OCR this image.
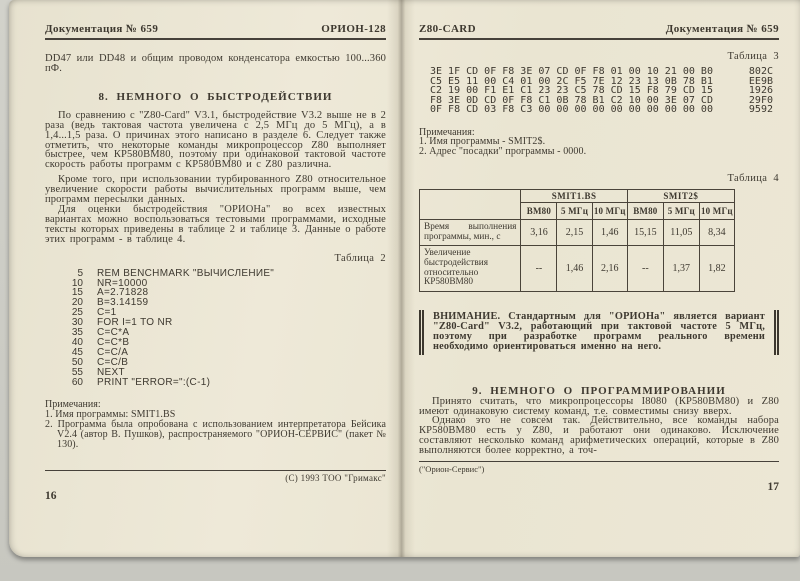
Документация № 659	ОРИОН-128

DD47 или DD48 и общим проводом конденсатора емкостью 100...360 пФ.

8. НЕМНОГО О БЫСТРОДЕЙСТВИИ

По сравнению с "Z80-Card" V3.1, быстродействие V3.2 выше не в 2 раза (ведь тактовая частота увеличена с 2,5 МГц до 5 МГц), а в 1,4...1,5 раза. О причинах этого написано в разделе 6. Следует также отметить, что некоторые команды микропроцессор Z80 выполняет быстрее, чем КР580ВМ80, поэтому при одинаковой тактовой частоте скорость работы программ с КР580ВМ80 и с Z80 различна.

Кроме того, при использовании турбированного Z80 относительное увеличение скорости работы вычислительных программ выше, чем программ пересылки данных.

Для оценки быстродействия "ОРИОНа" во всех известных вариантах можно воспользоваться тестовыми программами, исходные тексты которых приведены в таблице 2 и таблице 3. Данные о работе этих программ - в таблице 4.

Таблица 2
5 REM BENCHMARK "ВЫЧИСЛЕНИЕ"
10 NR=10000
15 A=2.71828
20 B=3.14159
25 C=1
30 FOR I=1 TO NR
35 C=C*A
40 C=C*B
45 C=C/A
50 C=C/B
55 NEXT
60 PRINT "ERROR=":(C-1)

Примечания:

1. Имя программы: SMIT1.BS
2. Программа была опробована с использованием интерпретатора Бейсика V2.4 (автор В. Пушков), распространяемого "ОРИОН-СЕРВИС" (пакет № 130).
(С) 1993 ТОО "Гримакс"
16
Z80-CARD	Документация № 659
Таблица 3
3E 1F CD 0F F8 3E 07 CD 0F F8 01 00 10 21 00 B0	802C
C5 E5 11 00 C4 01 00 2C F5 7E 12 23 13 0B 78 B1	EE9B
C2 19 00 F1 E1 C1 23 23 C5 78 CD 15 F8 79 CD 15	1926
F8 3E 0D CD 0F F8 C1 0B 78 B1 C2 10 00 3E 07 CD	29F0
0F F8 CD 03 F8 C3 00 00 00 00 00 00 00 00 00 00	9592

Примечания:

1. Имя программы - SMIT2$.
2. Адрес "посадки" программы - 0000.
Таблица 4
	SMIT1.BS			SMIT2$		
	ВМ80	5 МГц	10 МГц	ВМ80	5 МГц	10 МГц
Время выполнения программы, мин., с	3,16	2,15	1,46	15,15	11,05	8,34
Увеличение быстродействия относительно КР580ВМ80	--	1,46	2,16	--	1,37	1,82

ВНИМАНИЕ. Стандартным для "ОРИОНа" является вариант "Z80-Card" V3.2, работающий при тактовой частоте 5 МГц, поэтому при разработке программ реального времени необходимо ориентироваться именно на него.

9. НЕМНОГО О ПРОГРАММИРОВАНИИ

Принято считать, что микропроцессоры I8080 (КР580ВМ80) и Z80 имеют одинаковую систему команд, т.е. совместимы снизу вверх.

Однако это не совсем так. Действительно, все команды набора КР580ВМ80 есть у Z80, и работают они одинаково. Исключение составляют несколько команд арифметических операций, которые в Z80 выполняются более корректно, а точ-

("Орион-Сервис")
17
